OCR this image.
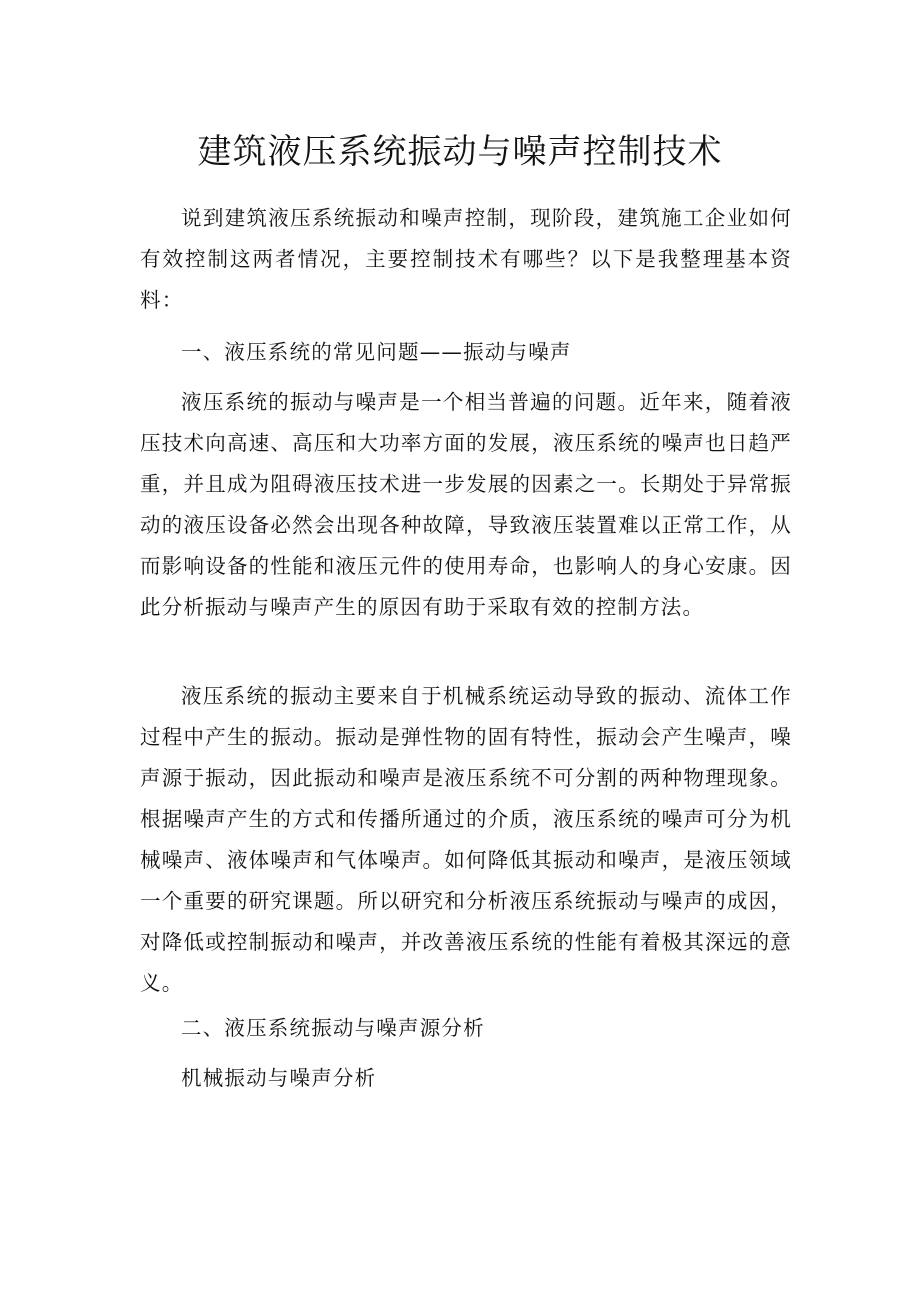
建筑液压系统振动与噪声控制技术

说到建筑液压系统振动和噪声控制，现阶段，建筑施工企业如何有效控制这两者情况，主要控制技术有哪些？以下是我整理基本资料：

一、液压系统的常见问题——振动与噪声

液压系统的振动与噪声是一个相当普遍的问题。近年来，随着液压技术向高速、高压和大功率方面的发展，液压系统的噪声也日趋严重，并且成为阻碍液压技术进一步发展的因素之一。长期处于异常振动的液压设备必然会出现各种故障，导致液压装置难以正常工作，从而影响设备的性能和液压元件的使用寿命，也影响人的身心安康。因此分析振动与噪声产生的原因有助于采取有效的控制方法。

液压系统的振动主要来自于机械系统运动导致的振动、流体工作过程中产生的振动。振动是弹性物的固有特性，振动会产生噪声，噪声源于振动，因此振动和噪声是液压系统不可分割的两种物理现象。根据噪声产生的方式和传播所通过的介质，液压系统的噪声可分为机械噪声、液体噪声和气体噪声。如何降低其振动和噪声，是液压领域一个重要的研究课题。所以研究和分析液压系统振动与噪声的成因，对降低或控制振动和噪声，并改善液压系统的性能有着极其深远的意义。

二、液压系统振动与噪声源分析

机械振动与噪声分析
